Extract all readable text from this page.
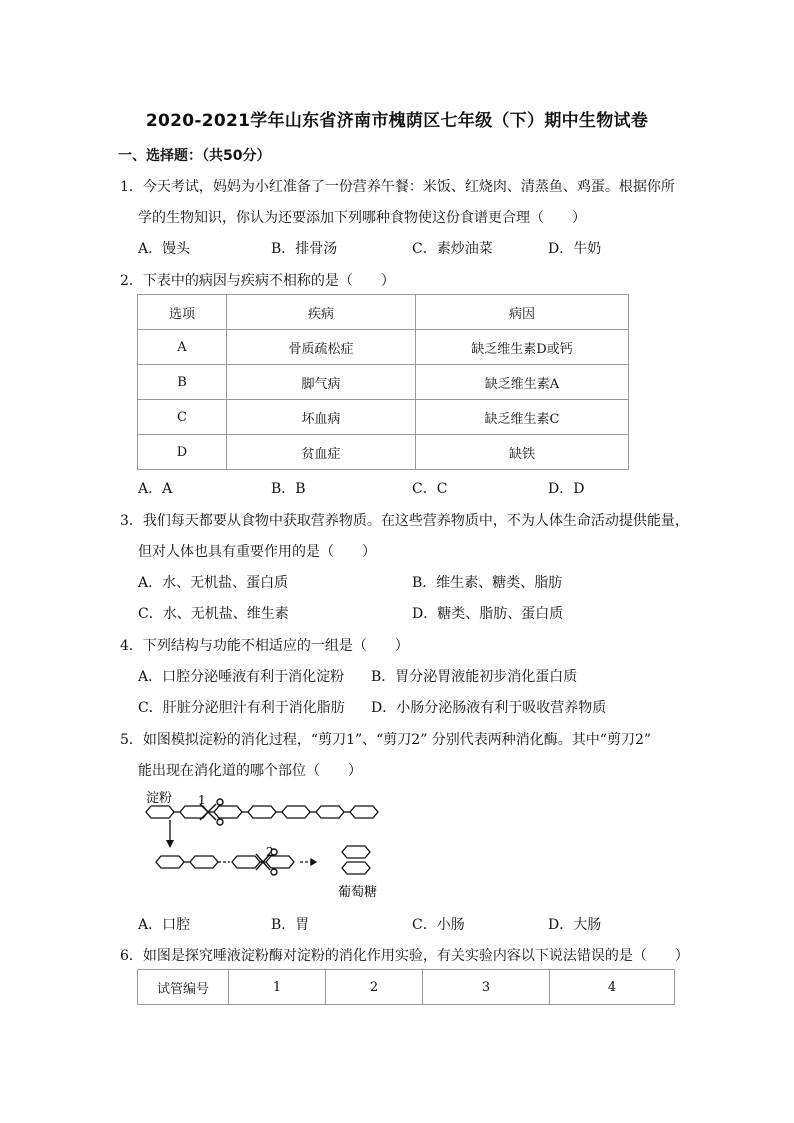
2020-2021学年山东省济南市槐荫区七年级（下）期中生物试卷
一、选择题：（共50分）
1．今天考试，妈妈为小红准备了一份营养午餐：米饭、红烧肉、清蒸鱼、鸡蛋。根据你所
学的生物知识，你认为还要添加下列哪种食物使这份食谱更合理（　　）
A．馒头	B．排骨汤	C．素炒油菜	D．牛奶
2．下表中的病因与疾病不相称的是（　　）
选项	疾病	病因
A	骨质疏松症	缺乏维生素D或钙
B	脚气病	缺乏维生素A
C	坏血病	缺乏维生素C
D	贫血症	缺铁
A．A	B．B	C．C	D．D
3．我们每天都要从食物中获取营养物质。在这些营养物质中，不为人体生命活动提供能量，
但对人体也具有重要作用的是（　　）
A．水、无机盐、蛋白质	B．维生素、糖类、脂肪
C．水、无机盐、维生素	D．糖类、脂肪、蛋白质
4．下列结构与功能不相适应的一组是（　　）
A．口腔分泌唾液有利于消化淀粉 B．胃分泌胃液能初步消化蛋白质
C．肝脏分泌胆汁有利于消化脂肪 D．小肠分泌肠液有利于吸收营养物质
5．如图模拟淀粉的消化过程，“剪刀1”、“剪刀2” 分别代表两种消化酶。其中“剪刀2”
能出现在消化道的哪个部位（　　）
淀粉 1
2
葡萄糖
A．口腔	B．胃	C．小肠	D．大肠
6．如图是探究唾液淀粉酶对淀粉的消化作用实验，有关实验内容以下说法错误的是（　　）
试管编号	1	2	3	4
